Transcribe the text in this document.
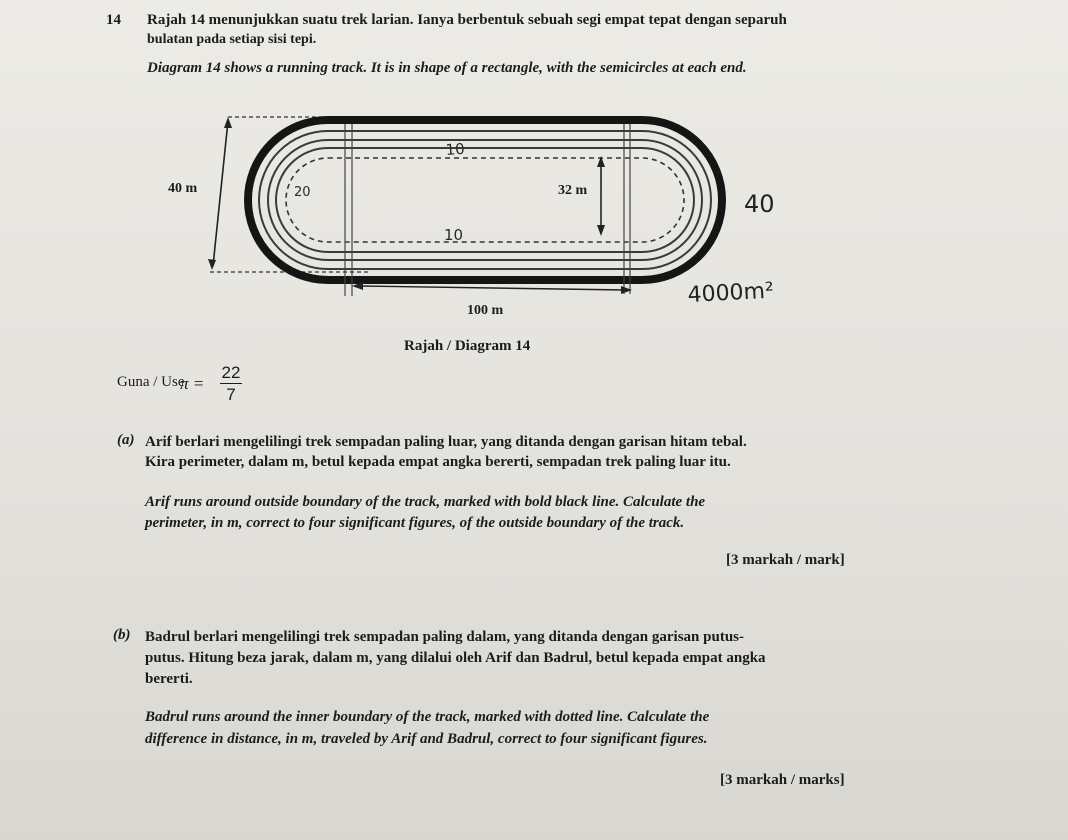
14 Rajah 14 menunjukkan suatu trek larian. Ianya berbentuk sebuah segi empat tepat dengan separuh

bulatan pada setiap sisi tepi.

Diagram 14 shows a running track. It is in shape of a rectangle, with the semicircles at each end.

40 m	32 m
100 m
10
20
10
40
4000m²

Rajah / Diagram 14

Guna / Use

$\pi = \frac{22}{7}$

(a) Arif berlari mengelilingi trek sempadan paling luar, yang ditanda dengan garisan hitam tebal.

Kira perimeter, dalam m, betul kepada empat angka bererti, sempadan trek paling luar itu.

Arif runs around outside boundary of the track, marked with bold black line. Calculate the

perimeter, in m, correct to four significant figures, of the outside boundary of the track.

[3 markah / mark]

(b) Badrul berlari mengelilingi trek sempadan paling dalam, yang ditanda dengan garisan putus-

putus. Hitung beza jarak, dalam m, yang dilalui oleh Arif dan Badrul, betul kepada empat angka

bererti.

Badrul runs around the inner boundary of the track, marked with dotted line. Calculate the

difference in distance, in m, traveled by Arif and Badrul, correct to four significant figures.

[3 markah / marks]
